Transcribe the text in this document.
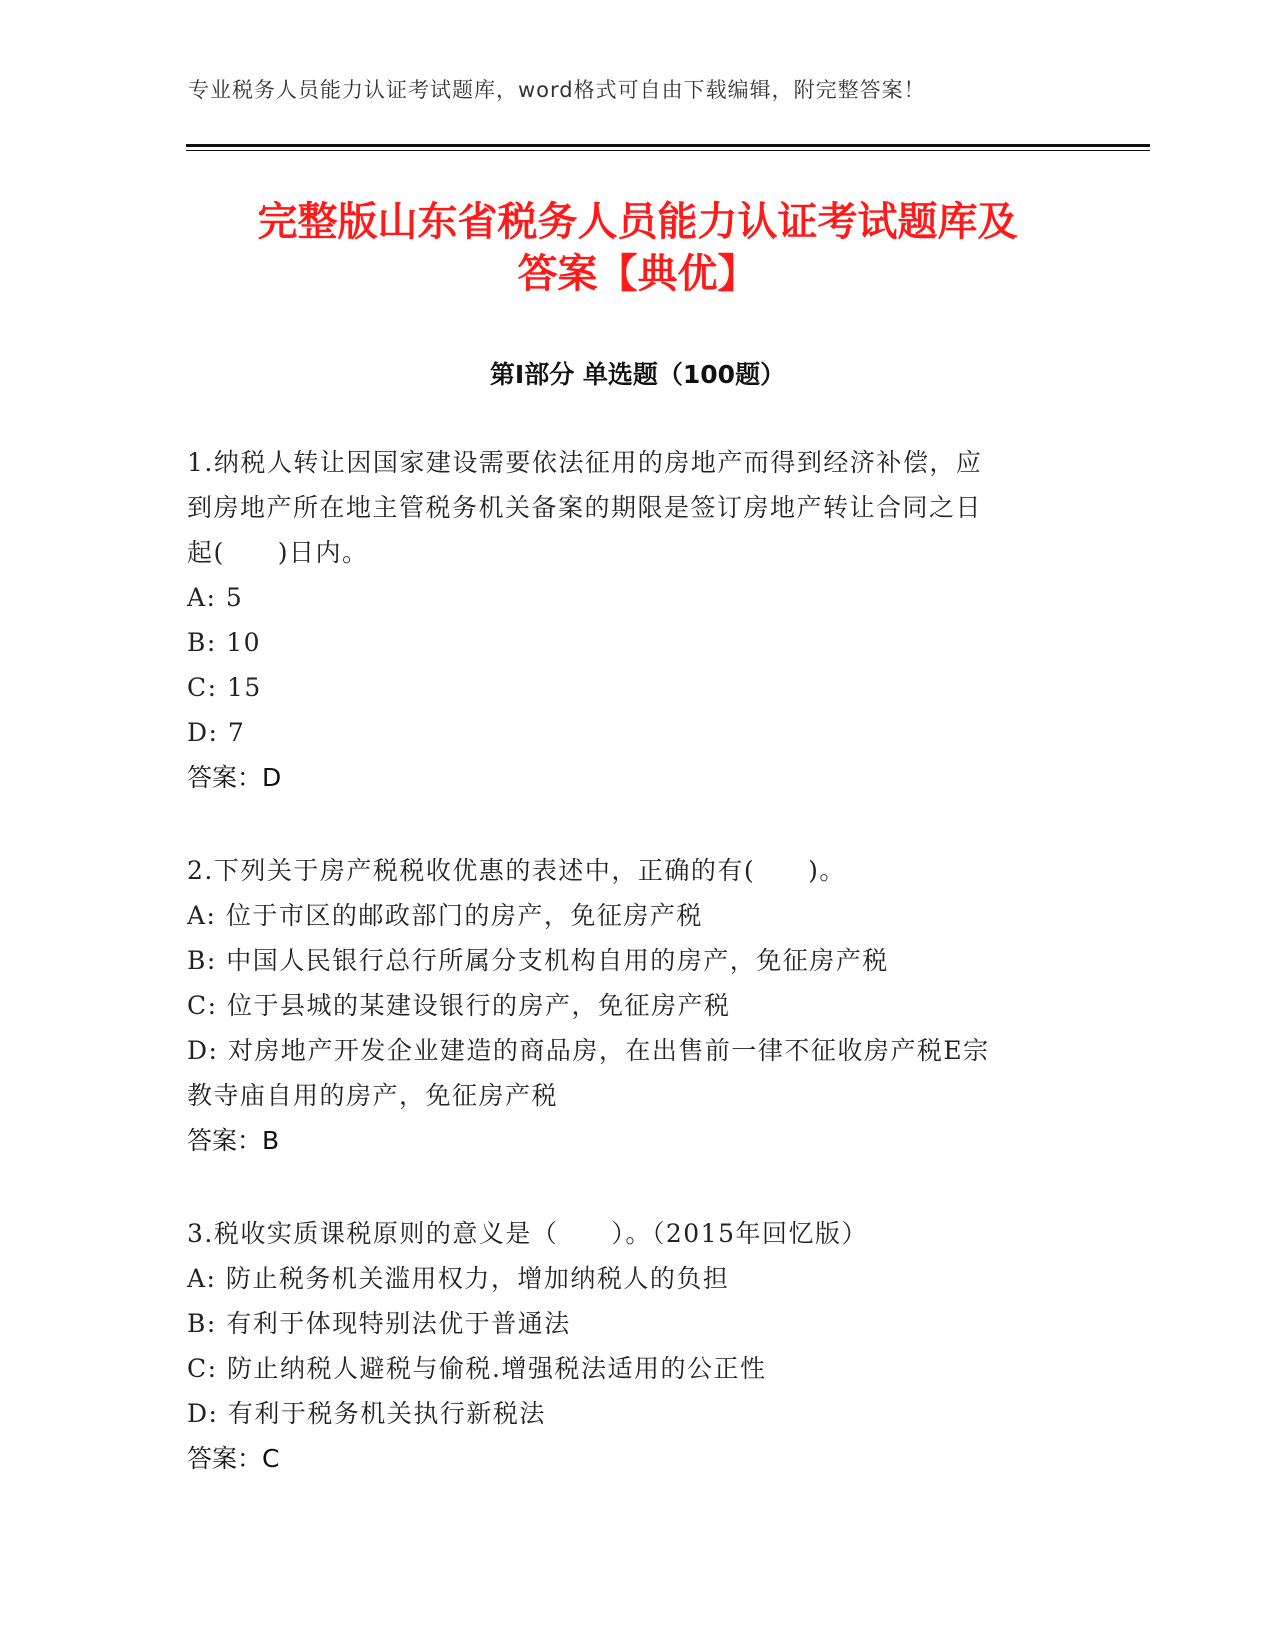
专业税务人员能力认证考试题库，word格式可自由下载编辑，附完整答案！
完整版山东省税务人员能力认证考试题库及
答案【典优】
第Ⅰ部分 单选题（100题）
1.纳税人转让因国家建设需要依法征用的房地产而得到经济补偿，应
到房地产所在地主管税务机关备案的期限是签订房地产转让合同之日
起(　　)日内。
A: 5
B: 10
C: 15
D: 7
答案：D
2.下列关于房产税税收优惠的表述中，正确的有(　　)。
A: 位于市区的邮政部门的房产，免征房产税
B: 中国人民银行总行所属分支机构自用的房产，免征房产税
C: 位于县城的某建设银行的房产，免征房产税
D: 对房地产开发企业建造的商品房，在出售前一律不征收房产税E宗
教寺庙自用的房产，免征房产税
答案：B
3.税收实质课税原则的意义是（　　）。（2015年回忆版）
A: 防止税务机关滥用权力，增加纳税人的负担
B: 有利于体现特别法优于普通法
C: 防止纳税人避税与偷税.增强税法适用的公正性
D: 有利于税务机关执行新税法
答案：C
